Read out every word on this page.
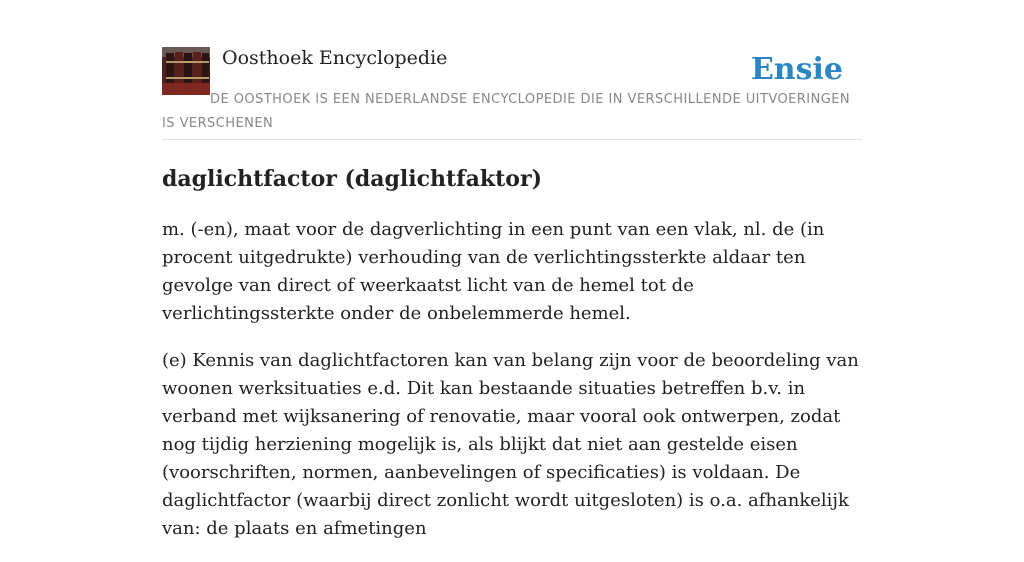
Oosthoek Encyclopedie	Ensie
DE OOSTHOEK IS EEN NEDERLANDSE ENCYCLOPEDIE DIE IN VERSCHILLENDE UITVOERINGEN IS VERSCHENEN
daglichtfactor (daglichtfaktor)

m. (-en), maat voor de dagverlichting in een punt van een vlak, nl. de (in procent uitgedrukte) verhouding van de verlichtingssterkte aldaar ten gevolge van direct of weerkaatst licht van de hemel tot de verlichtingssterkte onder de onbelemmerde hemel.

(e) Kennis van daglichtfactoren kan van belang zijn voor de beoordeling van woonen werksituaties e.d. Dit kan bestaande situaties betreffen b.v. in verband met wijksanering of renovatie, maar vooral ook ontwerpen, zodat nog tijdig herziening mogelijk is, als blijkt dat niet aan gestelde eisen (voorschriften, normen, aanbevelingen of specificaties) is voldaan. De daglichtfactor (waarbij direct zonlicht wordt uitgesloten) is o.a. afhankelijk van: de plaats en afmetingen
